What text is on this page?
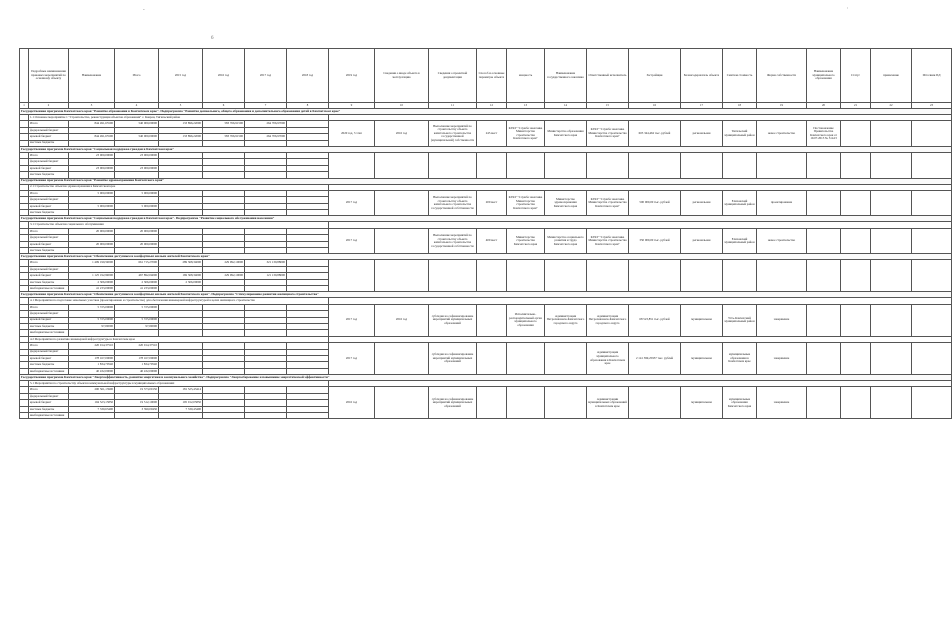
-
6
'
	Подробные наименования правовых мероприятий по основному объекту	Наименование	Итого	2015 год	2016 год	2017 год	2018 год	2019 год	Сведения о вводе объекта в эксплуатацию	Сведения о проектной документации	Способ и основные параметры объекта	мощность	Наименование государственного заказчика	Ответственный исполнитель	Застройщик	Балансодержатель объекта	Сметная стоимость	Форма собственности	Наименование муниципального образования	Статус	примечание	Источник ПД
1	2	3	4	5	6	7	8	9	10	11	12	13	14	15	16	17	18	19	20	21	22	23
Государственная программа Камчатского края "Развитие образования в Камчатском крае". Подпрограмма "Развитие дошкольного, общего образования и дополнительного образования детей в Камчатском крае"																						
	1.1 Основное мероприятие 1 "Строительство, реконструкция объектов образования" с. Ковран, Тигильский район																					
	Итого	844 491,65500	540 000,00000	133 896,22000	583 766,91500	264 706,97000		2020 год, 3 этап	2016 год	Выполнение мероприятий по строительству объекта капитального строительства государственной (муниципальной) собственности	245 мест	КГКУ "Служба заказчика Министерства строительства Камчатского края"	Министерство образования Камчатского края	КГКУ "Служба заказчика Министерства строительства Камчатского края"	603 344,462 тыс. рублей	региональная	Тигильский муниципальный район	новое строительство	Постановление Правительства Камчатского края от 19.07.2013 № 314-П			
	федеральный бюджет																					
	краевой бюджет	844 491,65500	540 000,00000	133 896,22000	583 766,91500	264 706,97000																
	местные бюджеты																					
Государственная программа Камчатского края "Социальная поддержка граждан в Камчатском крае"																						
	Итого	23 000,00000	23 000,00000																			
	федеральный бюджет																					
	краевой бюджет	23 000,00000	23 000,00000																			
	местные бюджеты																					
Государственная программа Камчатского края "Развитие здравоохранения Камчатского края"																						
	2.1 Строительство объектов здравоохранения в Камчатском крае																					
	Итого	5 000,00000	5 000,00000					2017 год		Выполнение мероприятий по строительству объекта капитального строительства государственной собственности	200 мест	КГКУ "Служба заказчика Министерства строительства Камчатского края"	Министерство здравоохранения Камчатского края	КГКУ "Служба заказчика Министерства строительства Камчатского края"	500 000,00 тыс. рублей	региональная	Елизовский муниципальный район	проектирование				
	федеральный бюджет																					
	краевой бюджет	5 000,00000	5 000,00000																			
	местные бюджеты																					
Государственная программа Камчатского края "Социальная поддержка граждан в Камчатском крае". Подпрограмма "Развитие социального обслуживания населения"																						
	3.1 Строительство объектов социального обслуживания																					
	Итого	20 000,00000	20 000,00000					2017 год		Выполнение мероприятий по строительству объекта капитального строительства государственной собственности	400 мест	Министерство строительства Камчатского края	Министерство социального развития и труда Камчатского края	КГКУ "Служба заказчика Министерства строительства Камчатского края"	350 000,00 тыс. рублей	региональная	Елизовский муниципальный район	новое строительство				
	федеральный бюджет																					
	краевой бюджет	20 000,00000	20 000,00000																			
	местные бюджеты																					
Государственная программа Камчатского края "Обеспечение доступным и комфортным жильем жителей Камчатского края"																						
	Итого	1 499 199,59000	661 715,27000	289 368,34000	229 992,10000	321 139,88000																
	федеральный бюджет																					
	краевой бюджет	1 125 192,99000	467 892,04000	169 368,34000	229 992,10000	121 139,88000																
	местные бюджеты	2 306,00000	2 306,00000	2 306,00000																		
	внебюджетные источники	41 233,00000	41 233,00000																			
Государственная программа Камчатского края "Обеспечение доступным и комфортным жильем жителей Камчатского края". Подпрограмма "Стимулирование развития жилищного строительства"																						
	4.1 Мероприятия по подготовке земельных участков (проектирование и строительство) для обеспечения инженерной инфраструктурой в целях жилищного строительства																					
	Итого	5 725,00000	5 725,00000					2017 год	2016 год	субсидия на софинансирование мероприятий муниципальных образований		Исполнительно-распорядительный орган муниципального образования	Администрация Петропавловск-Камчатского городского округа	Администрация Петропавловск-Камчатского городского округа	68 523,851 тыс. рублей	муниципальная	Усть-Камчатский муниципальный район	завершение				
	федеральный бюджет																					
	краевой бюджет	5 725,00000	5 725,00000																			
	местные бюджеты	97,00000	97,00000																			
	внебюджетные источники																					
	4.2 Мероприятия по развитию инженерной инфраструктуры в Камчатском крае																					
	Итого	220 014,37510	220 014,37510					2017 год		субсидия на софинансирование мероприятий муниципальных образований				Администрация муниципального образования в Камчатском крае	2 141 399,25957 тыс. рублей	муниципальная	муниципальные образования в Камчатском крае	завершение				
	федеральный бюджет																					
	краевой бюджет	178 167,00000	178 167,00000																			
	местные бюджеты	1 834,70540	1 834,70540																			
	внебюджетные источники	40 432,00000	40 432,00000																			
Государственная программа Камчатского края "Энергоэффективность, развитие энергетики и коммунального хозяйства". Подпрограмма "Энергосбережение и повышение энергетической эффективности"																						
	5.1 Мероприятия по строительству объектов коммунальной инфраструктуры в муниципальных образованиях																					
	Итого	200 561,13900	19 573,00150	181 525,43414				2016 год		субсидия на софинансирование мероприятий муниципальных образований				Администрации муниципальных образований в Камчатском крае		муниципальная	муниципальные образования Камчатского края	завершение				
	федеральный бюджет																					
	краевой бюджет	194 523,15850	19 512,10000	195 012,05850																		
	местные бюджеты	7 330,63400	3 390,00430	7 330,43400																		
	внебюджетные источники																					
